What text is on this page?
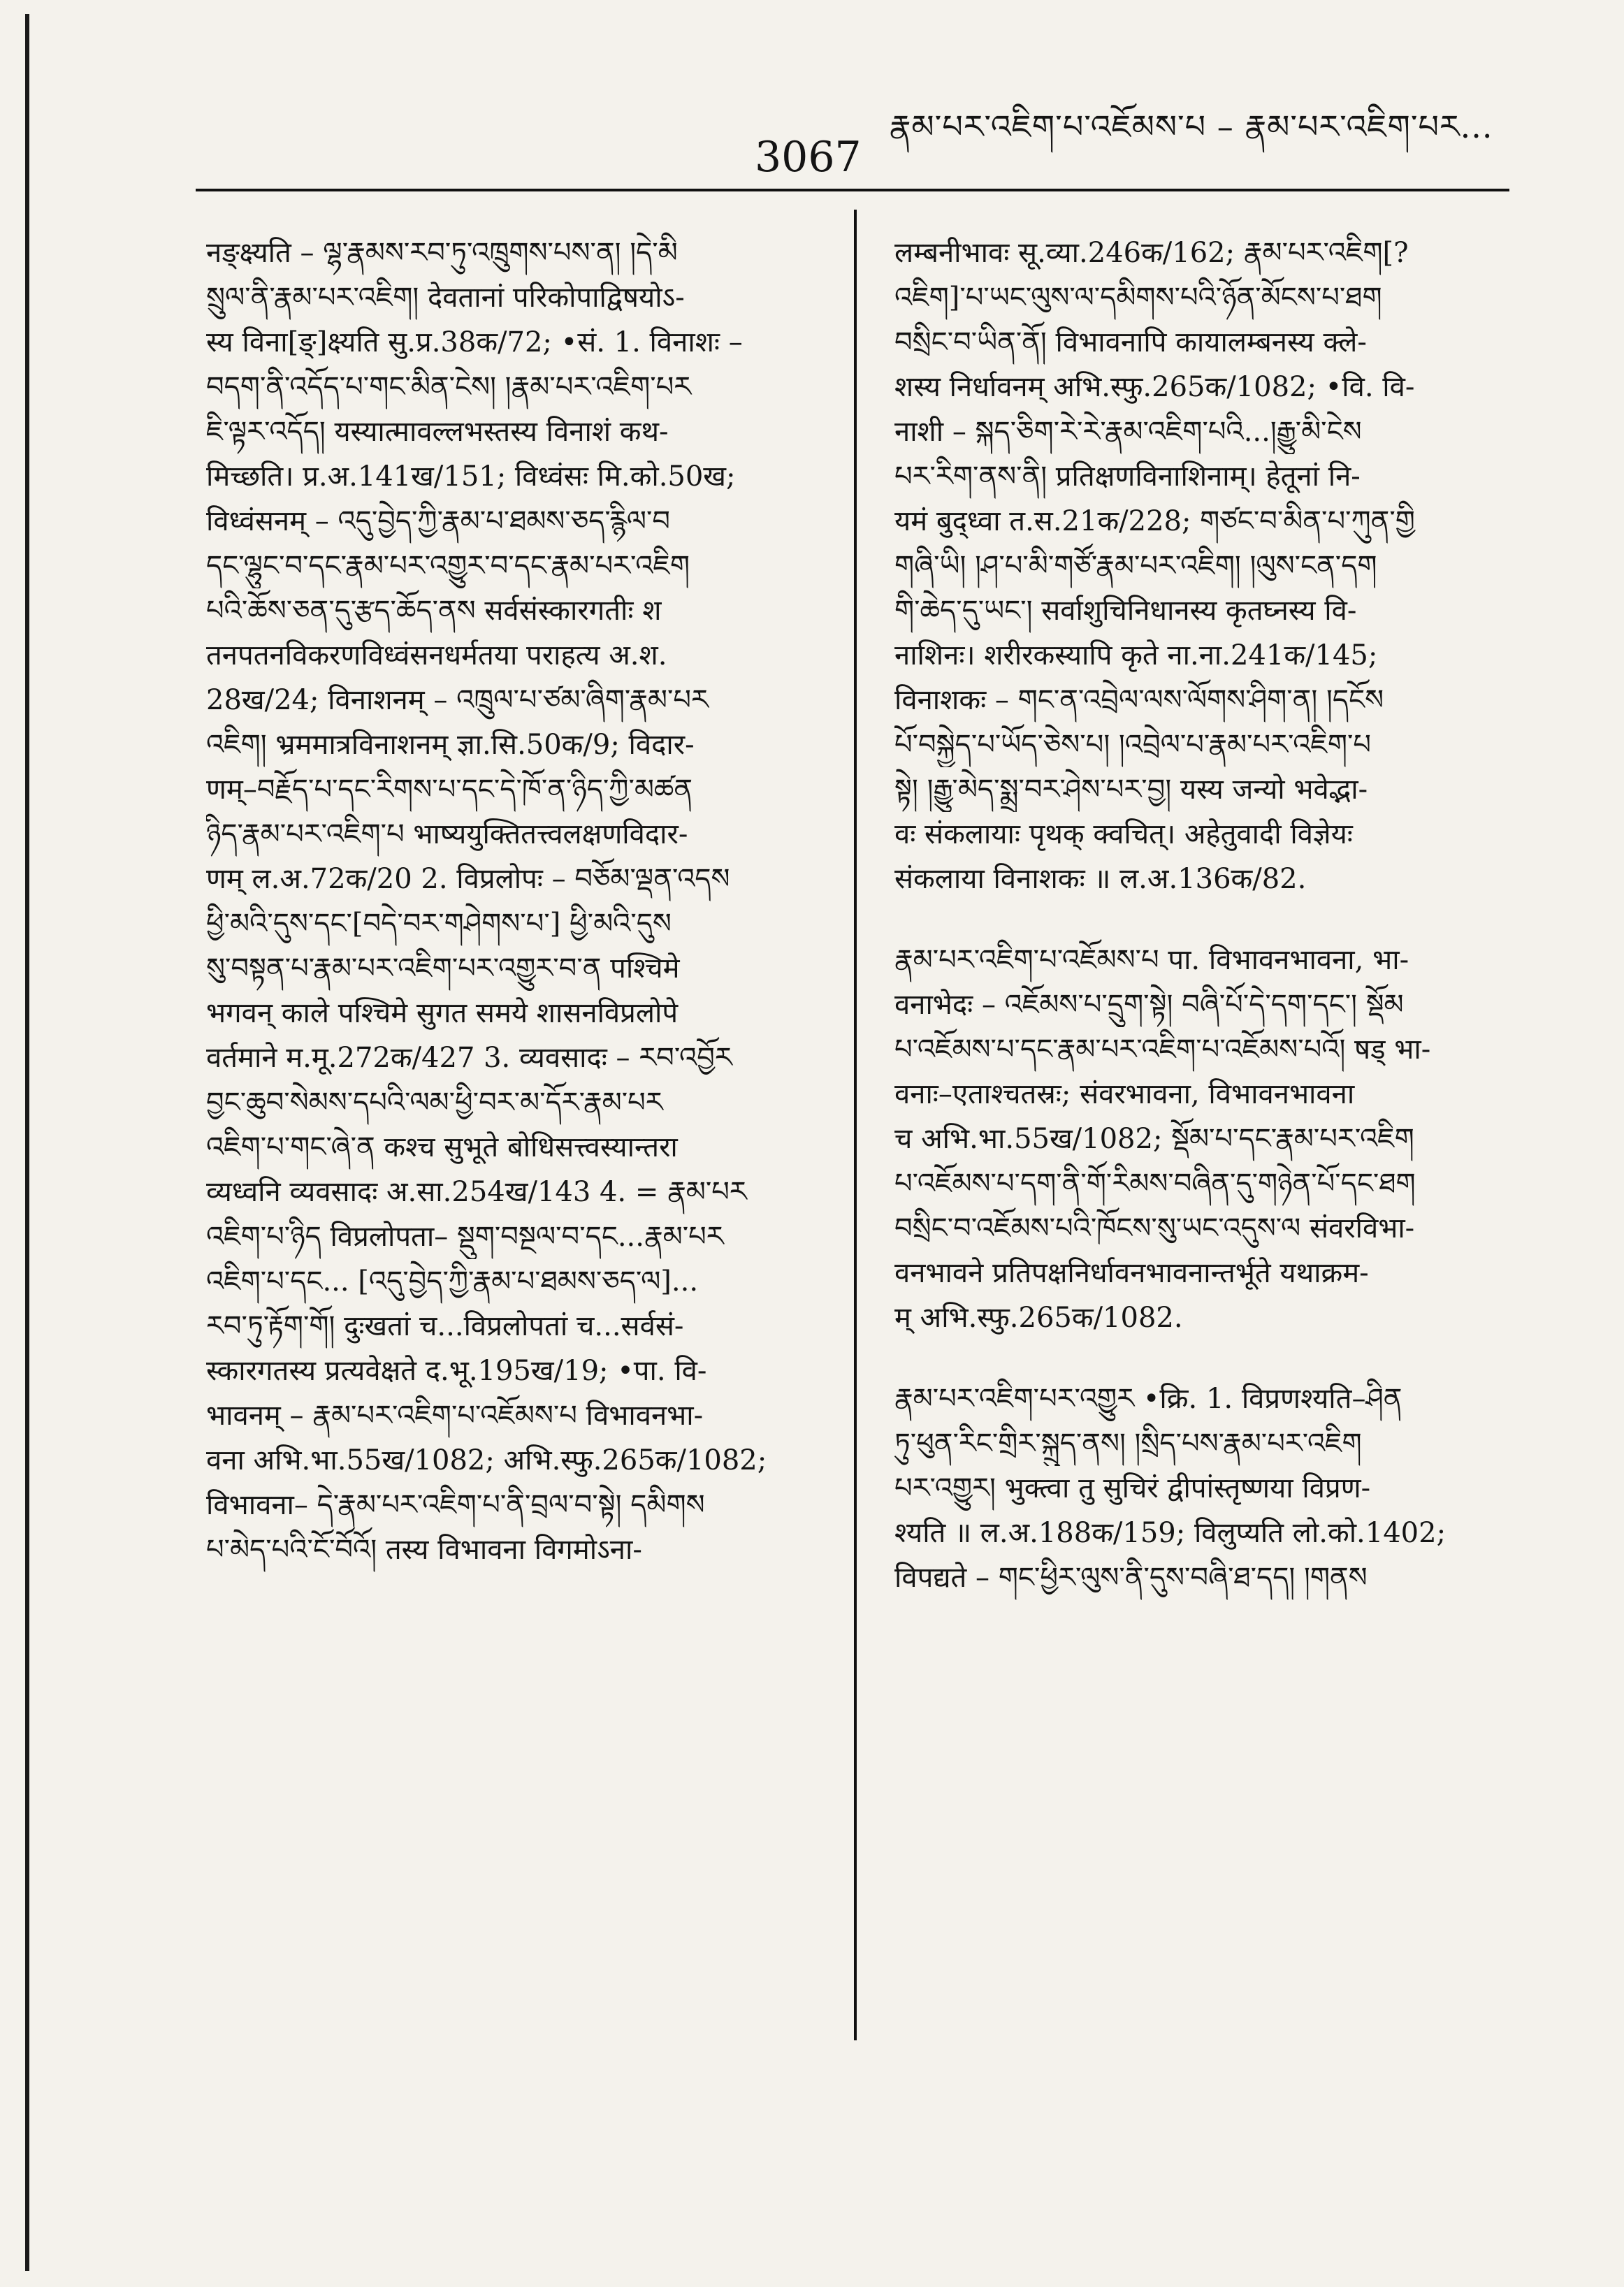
3067
རྣམ་པར་འཇིག་པ་འཇོམས་པ – རྣམ་པར་འཇིག་པར...
नङ्क्ष्यति – ལྷ་རྣམས་རབ་ཏུ་འཁྲུགས་པས་ན། །དེ་མི
སྲུལ་ནི་རྣམ་པར་འཇིག། देवतानां परिकोपाद्विषयोऽ-
स्य विना[ङ्]क्ष्यति सु.प्र.38क/72; •सं. 1. विनाशः –
བདག་ནི་འདོད་པ་གང་མིན་ངེས། །རྣམ་པར་འཇིག་པར
ཇི་ལྟར་འདོད། यस्यात्मावल्लभस्तस्य विनाशं कथ-
मिच्छति। प्र.अ.141ख/151; विध्वंसः मि.को.50ख;
विध्वंसनम् – འདུ་བྱེད་ཀྱི་རྣམ་པ་ཐམས་ཅད་རྙིལ་བ
དང་ལྷུང་བ་དང་རྣམ་པར་འགྱུར་བ་དང་རྣམ་པར་འཇིག
པའི་ཆོས་ཅན་དུ་རྩད་ཆོད་ནས सर्वसंस्कारगतीः श
तनपतनविकरणविध्वंसनधर्मतया पराहत्य अ.श.
28ख/24; विनाशनम् – འཁྲུལ་པ་ཙམ་ཞིག་རྣམ་པར
འཇིག། भ्रममात्रविनाशनम् ज्ञा.सि.50क/9; विदार-
णम्–བརྗོད་པ་དང་རིགས་པ་དང་དེ་ཁོ་ན་ཉིད་ཀྱི་མཚན
ཉིད་རྣམ་པར་འཇིག་པ भाष्ययुक्तितत्त्वलक्षणविदार-
णम् ल.अ.72क/20 2. विप्रलोपः – བཅོམ་ལྡན་འདས
ཕྱི་མའི་དུས་དང་[བདེ་བར་གཤེགས་པ་] ཕྱི་མའི་དུས
སུ་བསྟན་པ་རྣམ་པར་འཇིག་པར་འགྱུར་བ་ན पश्चिमे
भगवन् काले पश्चिमे सुगत समये शासनविप्रलोपे
वर्तमाने म.मू.272क/427 3. व्यवसादः – རབ་འབྱོར
བྱང་ཆུབ་སེམས་དཔའི་ལམ་ཕྱི་བར་མ་དོར་རྣམ་པར
འཇིག་པ་གང་ཞེ་ན कश्च सुभूते बोधिसत्त्वस्यान्तरा
व्यध्वनि व्यवसादः अ.सा.254ख/143 4. = རྣམ་པར
འཇིག་པ་ཉིད विप्रलोपता– སྡུག་བསྔལ་བ་དང...རྣམ་པར
འཇིག་པ་དང... [འདུ་བྱེད་ཀྱི་རྣམ་པ་ཐམས་ཅད་ལ]...
རབ་ཏུ་རྟོག་གོ། दुःखतां च...विप्रलोपतां च...सर्वसं-
स्कारगतस्य प्रत्यवेक्षते द.भू.195ख/19; •पा. वि-
भावनम् – རྣམ་པར་འཇིག་པ་འཇོམས་པ विभावनभा-
वना अभि.भा.55ख/1082; अभि.स्फु.265क/1082;
विभावना– དེ་རྣམ་པར་འཇིག་པ་ནི་བྲལ་བ་སྟེ། དམིགས
པ་མེད་པའི་ངོ་བོའོ། तस्य विभावना विगमोऽना-
लम्बनीभावः सू.व्या.246क/162; རྣམ་པར་འཇིག[?
འཇིག]་པ་ཡང་ལུས་ལ་དམིགས་པའི་ཉོན་མོངས་པ་ཐག
བསྲིང་བ་ཡིན་ནོ། विभावनापि कायालम्बनस्य क्ले-
शस्य निर्धावनम् अभि.स्फु.265क/1082; •वि. वि-
नाशी – སྐད་ཅིག་རེ་རེ་རྣམ་འཇིག་པའི...།རྒྱུ་མི་ངེས
པར་རིག་ནས་ནི། प्रतिक्षणविनाशिनाम्। हेतूनां नि-
यमं बुद्ध्वा त.स.21क/228; གཙང་བ་མིན་པ་ཀུན་གྱི
གཞི་ཡི། །ཤ་པ་མི་གཙོ་རྣམ་པར་འཇིག། །ལུས་ངན་དག
གི་ཆེད་དུ་ཡང་། सर्वाशुचिनिधानस्य कृतघ्नस्य वि-
नाशिनः। शरीरकस्यापि कृते ना.ना.241क/145;
विनाशकः – གང་ན་འབྲེལ་ལས་ལོགས་ཤིག་ན། །དངོས
པོ་བསྐྱེད་པ་ཡོད་ཅེས་པ། །འབྲེལ་པ་རྣམ་པར་འཇིག་པ
སྟེ། །རྒྱུ་མེད་སྨྲ་བར་ཤེས་པར་བྱ། यस्य जन्यो भवेद्भा-
वः संकलायाः पृथक् क्वचित्। अहेतुवादी विज्ञेयः
संकलाया विनाशकः ॥ ल.अ.136क/82.
རྣམ་པར་འཇིག་པ་འཇོམས་པ पा. विभावनभावना, भा-
वनाभेदः – འཇོམས་པ་དྲུག་སྟེ། བཞི་པོ་དེ་དག་དང་། སྡོམ
པ་འཇོམས་པ་དང་རྣམ་པར་འཇིག་པ་འཇོམས་པའོ། षड् भा-
वनाः–एताश्चतस्रः; संवरभावना, विभावनभावना
च अभि.भा.55ख/1082; སྡོམ་པ་དང་རྣམ་པར་འཇིག
པ་འཇོམས་པ་དག་ནི་གོ་རིམས་བཞིན་དུ་གཉེན་པོ་དང་ཐག
བསྲིང་བ་འཇོམས་པའི་ཁོངས་སུ་ཡང་འདུས་ལ संवरविभा-
वनभावने प्रतिपक्षनिर्धावनभावनान्तर्भूते यथाक्रम-
म् अभि.स्फु.265क/1082.
རྣམ་པར་འཇིག་པར་འགྱུར •क्रि. 1. विप्रणश्यति–ཤིན
ཏུ་ཕུན་རིང་གྲིར་སྐྲུད་ནས། །སྲིད་པས་རྣམ་པར་འཇིག
པར་འགྱུར། भुक्त्वा तु सुचिरं द्वीपांस्तृष्णया विप्रण-
श्यति ॥ ल.अ.188क/159; विलुप्यति लो.को.1402;
विपद्यते – གང་ཕྱིར་ལུས་ནི་དུས་བཞི་ཐ་དད། །གནས
